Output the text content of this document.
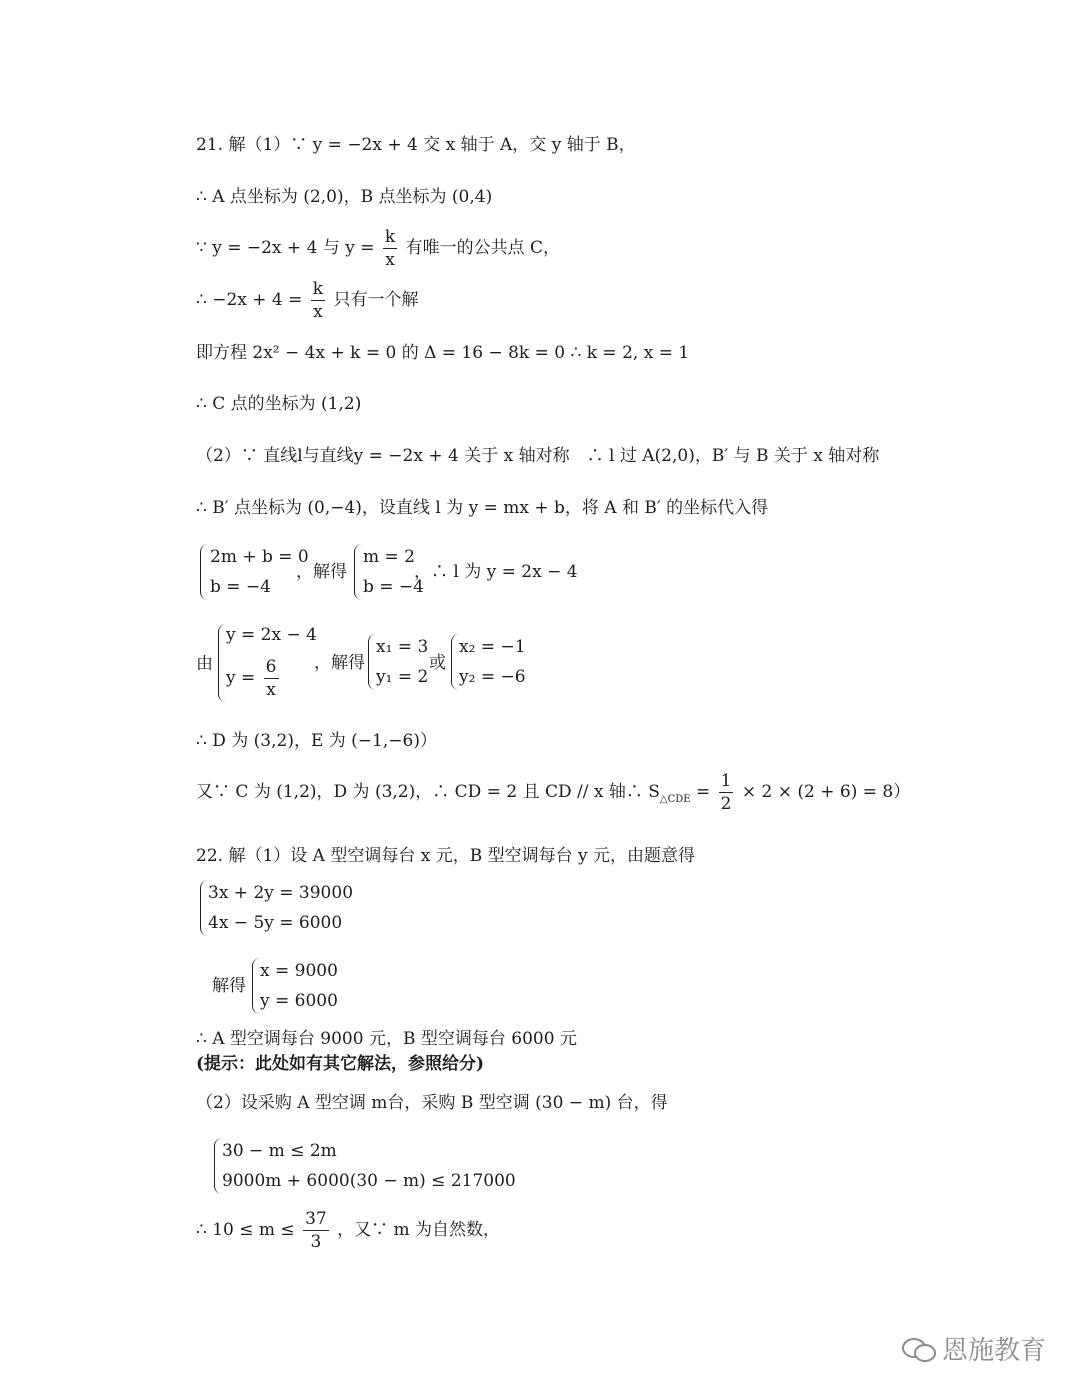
21. 解（1）∵ y = −2x + 4 交 x 轴于 A，交 y 轴于 B，
∴ A 点坐标为 (2,0)，B 点坐标为 (0,4)
∵ y = −2x + 4 与 $y = \frac{k}{x}$ 有唯一的公共点 C，
∴ $-2x + 4 = \frac{k}{x}$ 只有一个解
即方程 2x² − 4x + k = 0 的 Δ = 16 − 8k = 0 ∴ k = 2, x = 1
∴ C 点的坐标为 (1,2)
（2）∵ 直线l与直线y = −2x + 4 关于 x 轴对称　∴ l 过 A(2,0)，B′ 与 B 关于 x 轴对称
∴ B′ 点坐标为 (0,−4)，设直线 l 为 y = mx + b，将 A 和 B′ 的坐标代入得
2m + b = 0
b = −4
，解得
m = 2
b = −4
，∴ l 为 y = 2x − 4
由
y = 2x − 4
$y = \frac{6}{x}$ ，解得
x₁ = 3
y₁ = 2
或
x₂ = −1
y₂ = −6
∴ D 为 (3,2)，E 为 (−1,−6)）
又∵ C 为 (1,2)，D 为 (3,2)，∴ CD = 2 且 CD // x 轴∴ $S_{\triangle CDE} = \frac{1}{2} \times 2 \times (2 + 6) = 8$）
22. 解（1）设 A 型空调每台 x 元，B 型空调每台 y 元，由题意得
3x + 2y = 39000
4x − 5y = 6000
解得
x = 9000
y = 6000
∴ A 型空调每台 9000 元，B 型空调每台 6000 元
(提示：此处如有其它解法，参照给分)
（2）设采购 A 型空调 m台，采购 B 型空调 (30 − m) 台，得
30 − m ≤ 2m
9000m + 6000(30 − m) ≤ 217000
∴ $10 \le m \le \frac{37}{3}$ ，又∵ m 为自然数，
恩施教育
